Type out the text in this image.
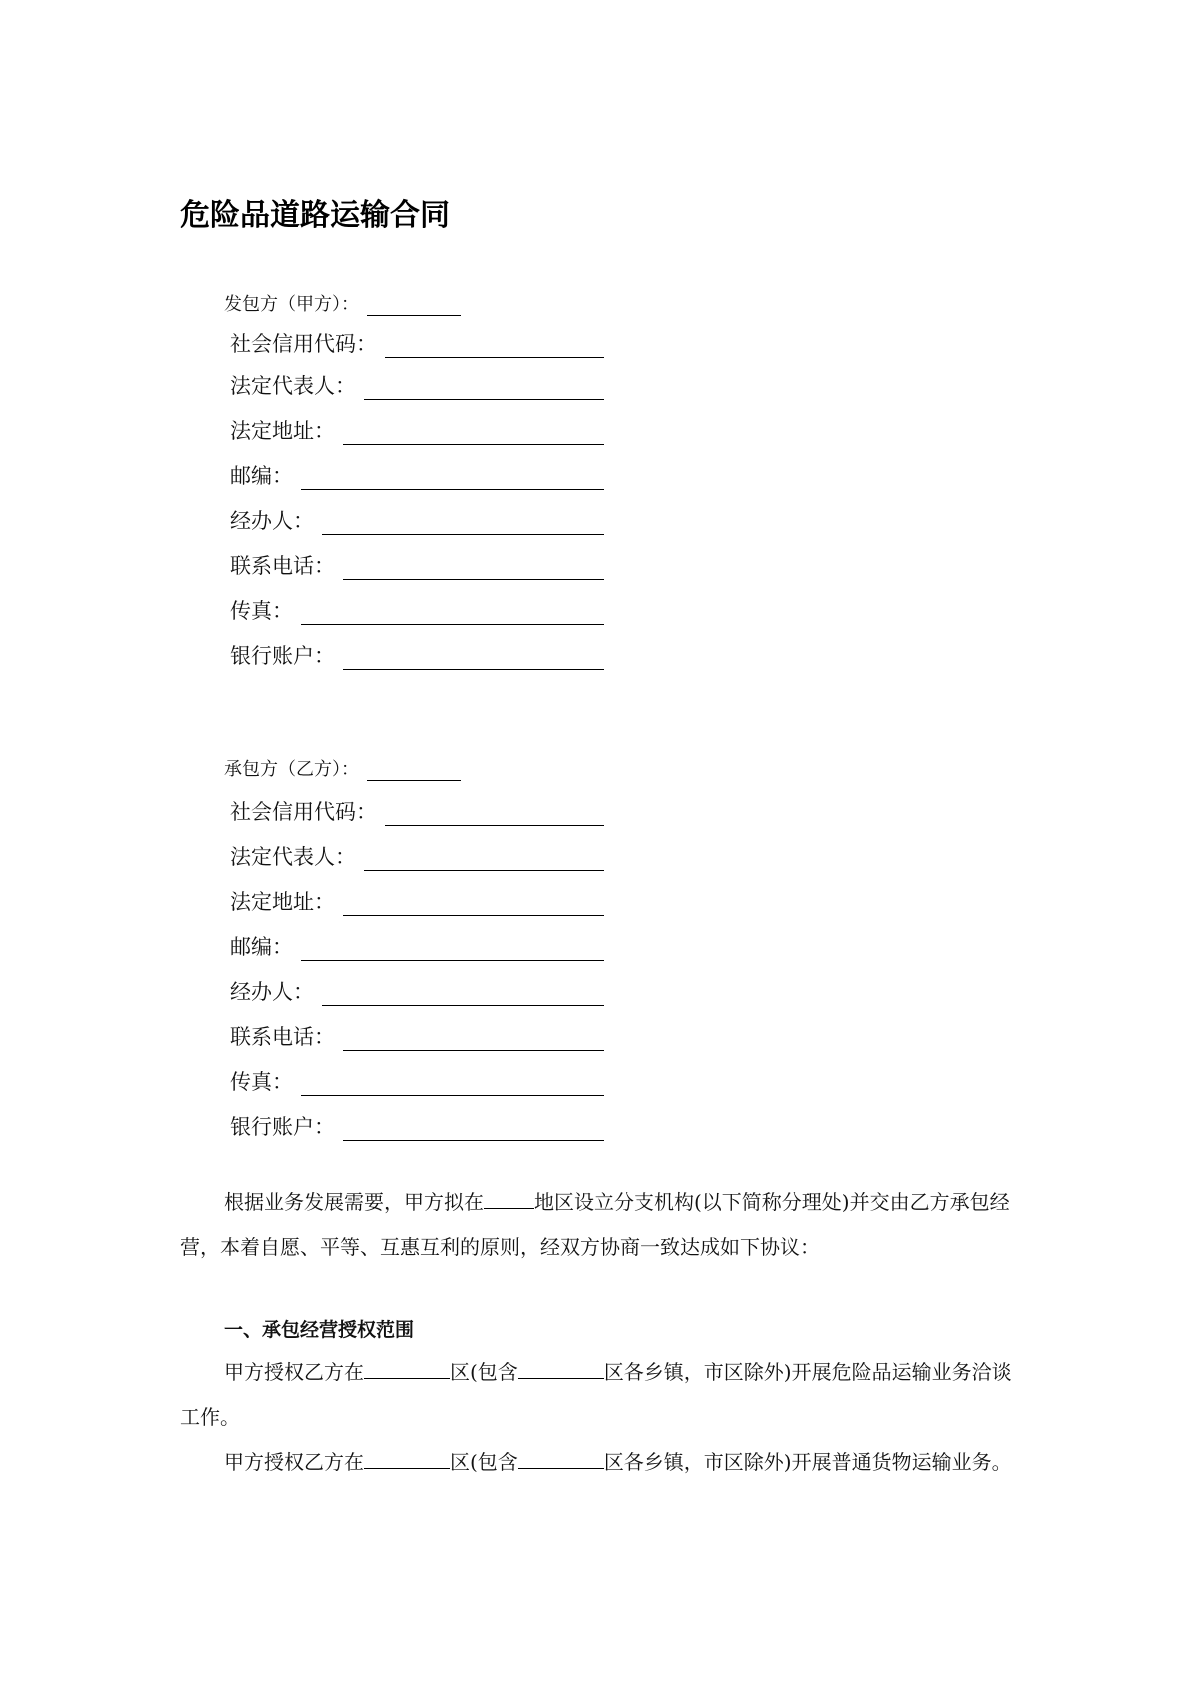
危险品道路运输合同
发包方（甲方）：
社会信用代码：
法定代表人：
法定地址：
邮编：
经办人：
联系电话：
传真：
银行账户：
承包方（乙方）：
社会信用代码：
法定代表人：
法定地址：
邮编：
经办人：
联系电话：
传真：
银行账户：
根据业务发展需要，甲方拟在	地区设立分支机构(以下简称分理处)并交由乙方承包经营，本着自愿、平等、互惠互利的原则，经双方协商一致达成如下协议：
一、承包经营授权范围
甲方授权乙方在	区(包含	区各乡镇，市区除外)开展危险品运输业务洽谈工作。
甲方授权乙方在	区(包含	区各乡镇，市区除外)开展普通货物运输业务。
